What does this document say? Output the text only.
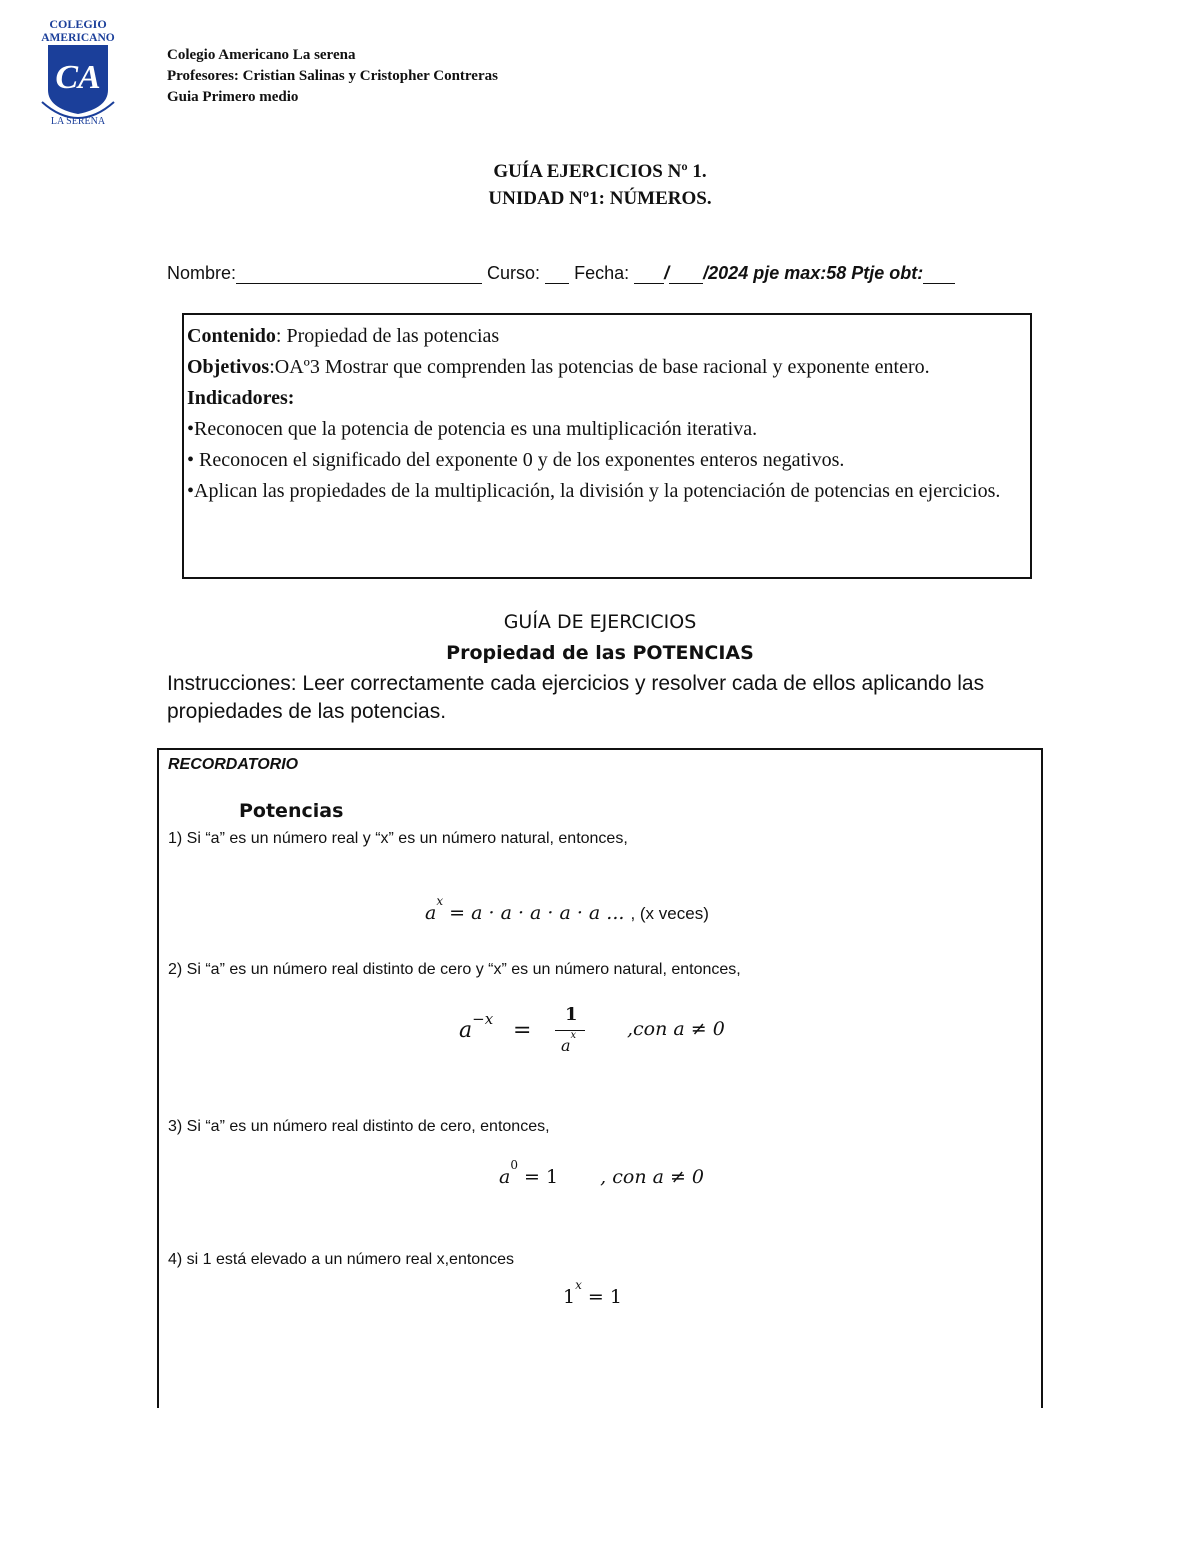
COLEGIO
AMERICANO
CA
LA SERENA
Colegio Americano La serena
Profesores: Cristian Salinas y Cristopher Contreras
Guia Primero medio
GUÍA EJERCICIOS Nº 1.
UNIDAD Nº1: NÚMEROS.
Nombre:	Curso: Fecha: / /2024 pje max:58 Ptje obt:

Contenido: Propiedad de las potencias

Objetivos:OAº3 Mostrar que comprenden las potencias de base racional y exponente entero.

Indicadores:

•Reconocen que la potencia de potencia es una multiplicación iterativa.

• Reconocen el significado del exponente 0 y de los exponentes enteros negativos.

•Aplican las propiedades de la multiplicación, la división y la potenciación de potencias en ejercicios.

GUÍA DE EJERCICIOS
Propiedad de las POTENCIAS
Instrucciones: Leer correctamente cada ejercicios y resolver cada de ellos aplicando las propiedades de las potencias.
RECORDATORIO
Potencias
1) Si “a” es un número real y “x” es un número natural, entonces,
$a^x = a \cdot a \cdot a \cdot a \cdot a$ ... , (x veces)
2) Si “a” es un número real distinto de cero y “x” es un número natural, entonces,
$a^{-x}$ =
1
$a^x$	,con a ≠ 0
3) Si “a” es un número real distinto de cero, entonces,
$a^0 = 1$ , con a ≠ 0
4) si 1 está elevado a un número real x,entonces
$1^x = 1$
